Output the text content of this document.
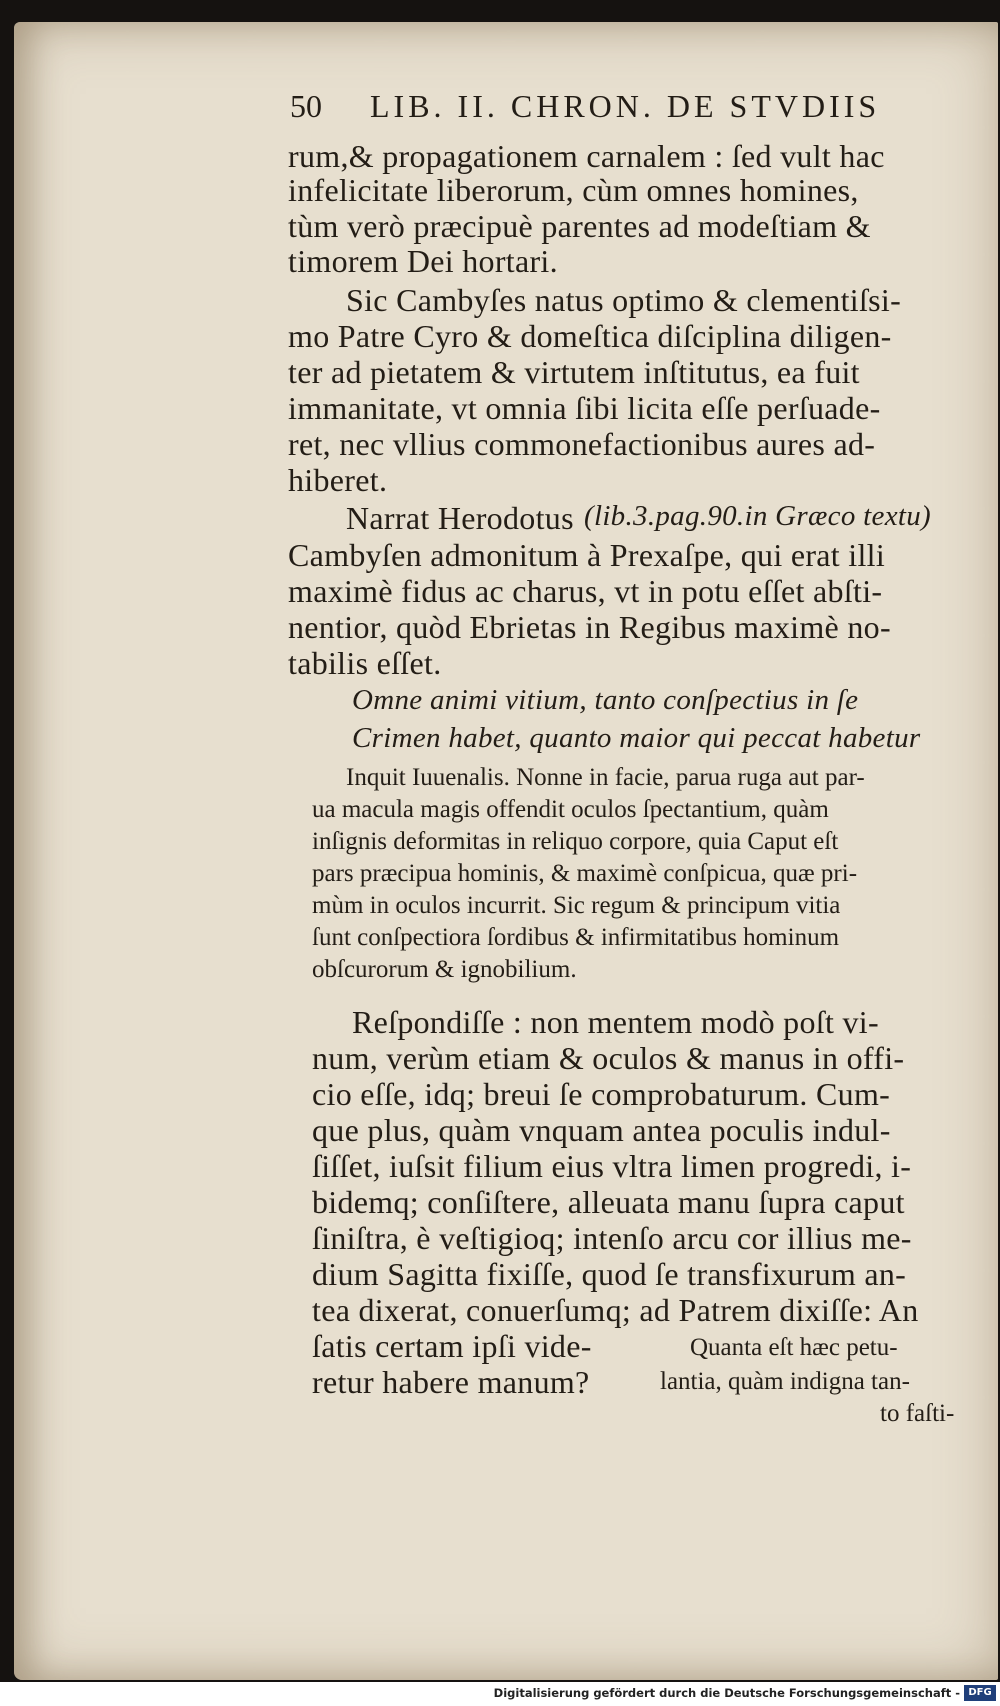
50 LIB. II. CHRON. DE STVDIIS
rum,& propagationem carnalem : ſed vult hac
infelicitate liberorum, cùm omnes homines,
tùm verò præcipuè parentes ad modeſtiam &
timorem Dei hortari.
Sic Cambyſes natus optimo & clementiſsi-
mo Patre Cyro & domeſtica diſciplina diligen-
ter ad pietatem & virtutem inſtitutus, ea fuit
immanitate, vt omnia ſibi licita eſſe perſuade-
ret, nec vllius commonefactionibus aures ad-
hiberet.
Narrat Herodotus (lib.3.pag.90.in Græco textu)
Cambyſen admonitum à Prexaſpe, qui erat illi
maximè fidus ac charus, vt in potu eſſet abſti-
nentior, quòd Ebrietas in Regibus maximè no-
tabilis eſſet.
Omne animi vitium, tanto conſpectius in ſe
Crimen habet, quanto maior qui peccat habetur
Inquit Iuuenalis. Nonne in facie, parua ruga aut par-
ua macula magis offendit oculos ſpectantium, quàm
inſignis deformitas in reliquo corpore, quia Caput eſt
pars præcipua hominis, & maximè conſpicua, quæ pri-
mùm in oculos incurrit. Sic regum & principum vitia
ſunt conſpectiora ſordibus & infirmitatibus hominum
obſcurorum & ignobilium.
Reſpondiſſe : non mentem modò poſt vi-
num, verùm etiam & oculos & manus in offi-
cio eſſe, idq; breui ſe comprobaturum. Cum-
que plus, quàm vnquam antea poculis indul-
ſiſſet, iuſsit filium eius vltra limen progredi, i-
bidemq; conſiſtere, alleuata manu ſupra caput
ſiniſtra, è veſtigioq; intenſo arcu cor illius me-
dium Sagitta fixiſſe, quod ſe transfixurum an-
tea dixerat, conuerſumq; ad Patrem dixiſſe: An
ſatis certam ipſi vide-
retur habere manum?
Quanta eſt hæc petu-
lantia, quàm indigna tan-
to faſti-
Digitalisierung gefördert durch die Deutsche Forschungsgemeinschaft - DFG
